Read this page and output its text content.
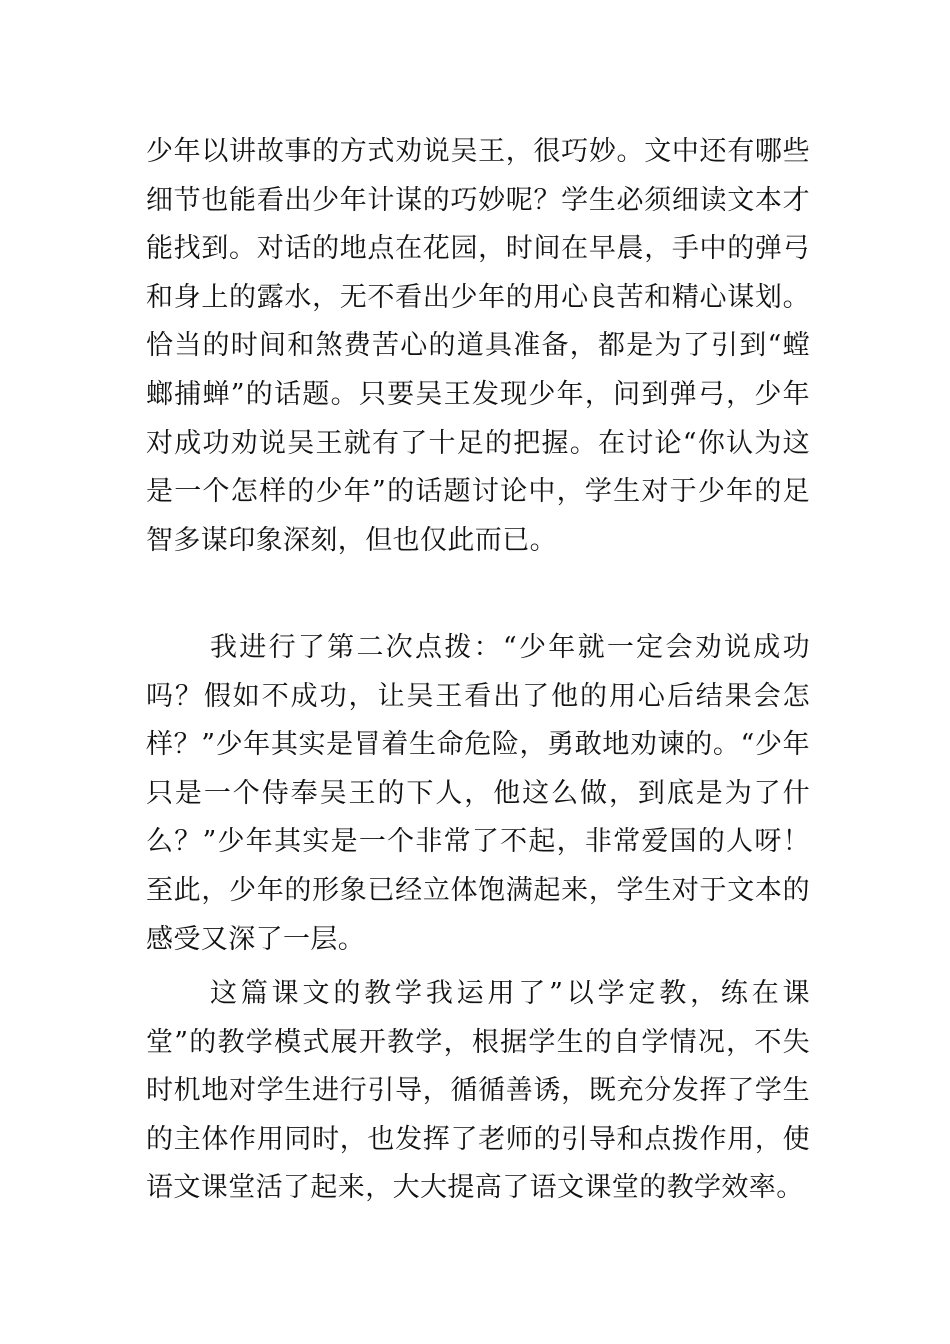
少年以讲故事的方式劝说吴王，很巧妙。文中还有哪些细节也能看出少年计谋的巧妙呢？学生必须细读文本才能找到。对话的地点在花园，时间在早晨，手中的弹弓和身上的露水，无不看出少年的用心良苦和精心谋划。恰当的时间和煞费苦心的道具准备，都是为了引到“螳螂捕蝉”的话题。只要吴王发现少年，问到弹弓，少年对成功劝说吴王就有了十足的把握。在讨论“你认为这是一个怎样的少年”的话题讨论中，学生对于少年的足智多谋印象深刻，但也仅此而已。

我进行了第二次点拨：“少年就一定会劝说成功吗？假如不成功，让吴王看出了他的用心后结果会怎样？”少年其实是冒着生命危险，勇敢地劝谏的。“少年只是一个侍奉吴王的下人，他这么做，到底是为了什么？”少年其实是一个非常了不起，非常爱国的人呀！至此，少年的形象已经立体饱满起来，学生对于文本的感受又深了一层。

这篇课文的教学我运用了”以学定教，练在课堂”的教学模式展开教学，根据学生的自学情况，不失时机地对学生进行引导，循循善诱，既充分发挥了学生的主体作用同时，也发挥了老师的引导和点拨作用，使语文课堂活了起来，大大提高了语文课堂的教学效率。
